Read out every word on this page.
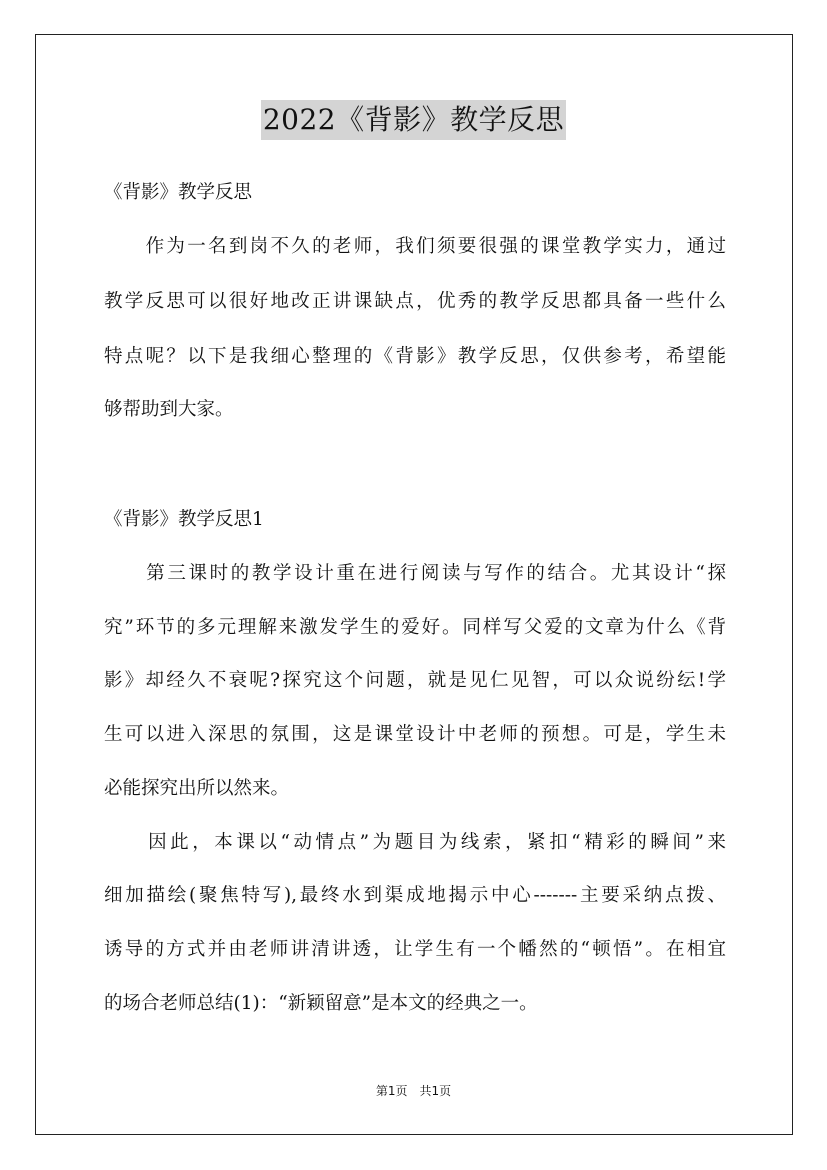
2022《背影》教学反思
《背影》教学反思
　　作为一名到岗不久的老师，我们须要很强的课堂教学实力，通过
教学反思可以很好地改正讲课缺点，优秀的教学反思都具备一些什么
特点呢？以下是我细心整理的《背影》教学反思，仅供参考，希望能
够帮助到大家。
《背影》教学反思1
　　第三课时的教学设计重在进行阅读与写作的结合。尤其设计“探
究”环节的多元理解来激发学生的爱好。同样写父爱的文章为什么《背
影》却经久不衰呢?探究这个问题，就是见仁见智，可以众说纷纭!学
生可以进入深思的氛围，这是课堂设计中老师的预想。可是，学生未
必能探究出所以然来。
　　因此，本课以“动情点”为题目为线索，紧扣“精彩的瞬间”来
细加描绘(聚焦特写),最终水到渠成地揭示中心-------主要采纳点拨、
诱导的方式并由老师讲清讲透，让学生有一个幡然的“顿悟”。在相宜
的场合老师总结(1)：“新颖留意”是本文的经典之一。
第1页　共1页
